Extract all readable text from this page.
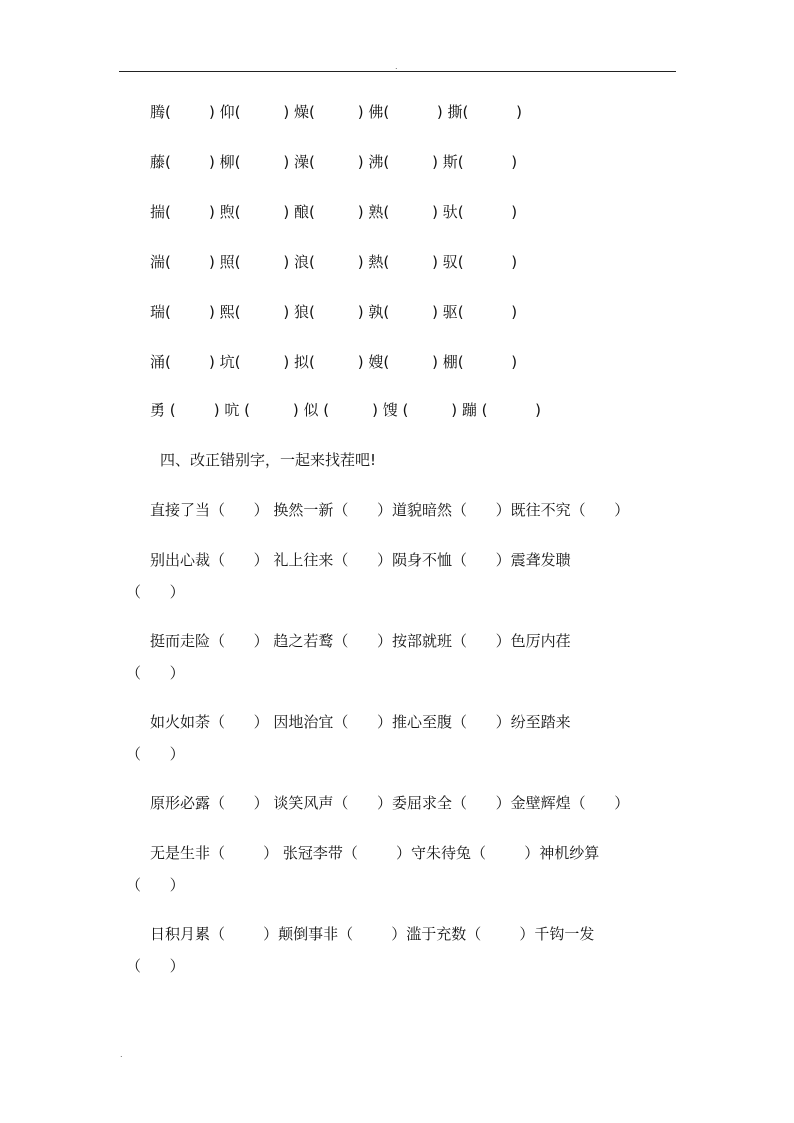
.
腾(        ) 仰(         ) 燥(         ) 佛(          ) 撕(          )
藤(        ) 柳(         ) 澡(         ) 沸(         ) 斯(          )
揣(        ) 煦(         ) 酿(         ) 熟(         ) 驮(          )
湍(        ) 照(         ) 浪(         ) 熱(         ) 驭(          )
瑞(        ) 熙(         ) 狼(         ) 孰(         ) 驱(          )
涌(        ) 坑(         ) 拟(         ) 嫂(         ) 棚(          )
勇 (        ) 吭 (         ) 似 (         ) 馊 (         ) 蹦 (          )
四、改正错别字，一起来找茬吧!
直接了当（      ） 换然一新（      ）道貌暗然（      ）既往不究（      ）
别出心裁（      ） 礼上往来（      ）陨身不恤（      ）震聋发聩
（      ）
挺而走险（      ） 趋之若鹜（      ）按部就班（      ）色厉内荏
（      ）
如火如荼（      ） 因地治宜（      ）推心至腹（      ）纷至踏来
（      ）
原形必露（      ） 谈笑风声（      ）委屈求全（      ）金壁辉煌（      ）
无是生非（        ） 张冠李带（        ）守朱待兔（        ）神机纱算
（      ）
日积月累（        ）颠倒事非（        ）滥于充数（        ）千钩一发
（      ）
.
